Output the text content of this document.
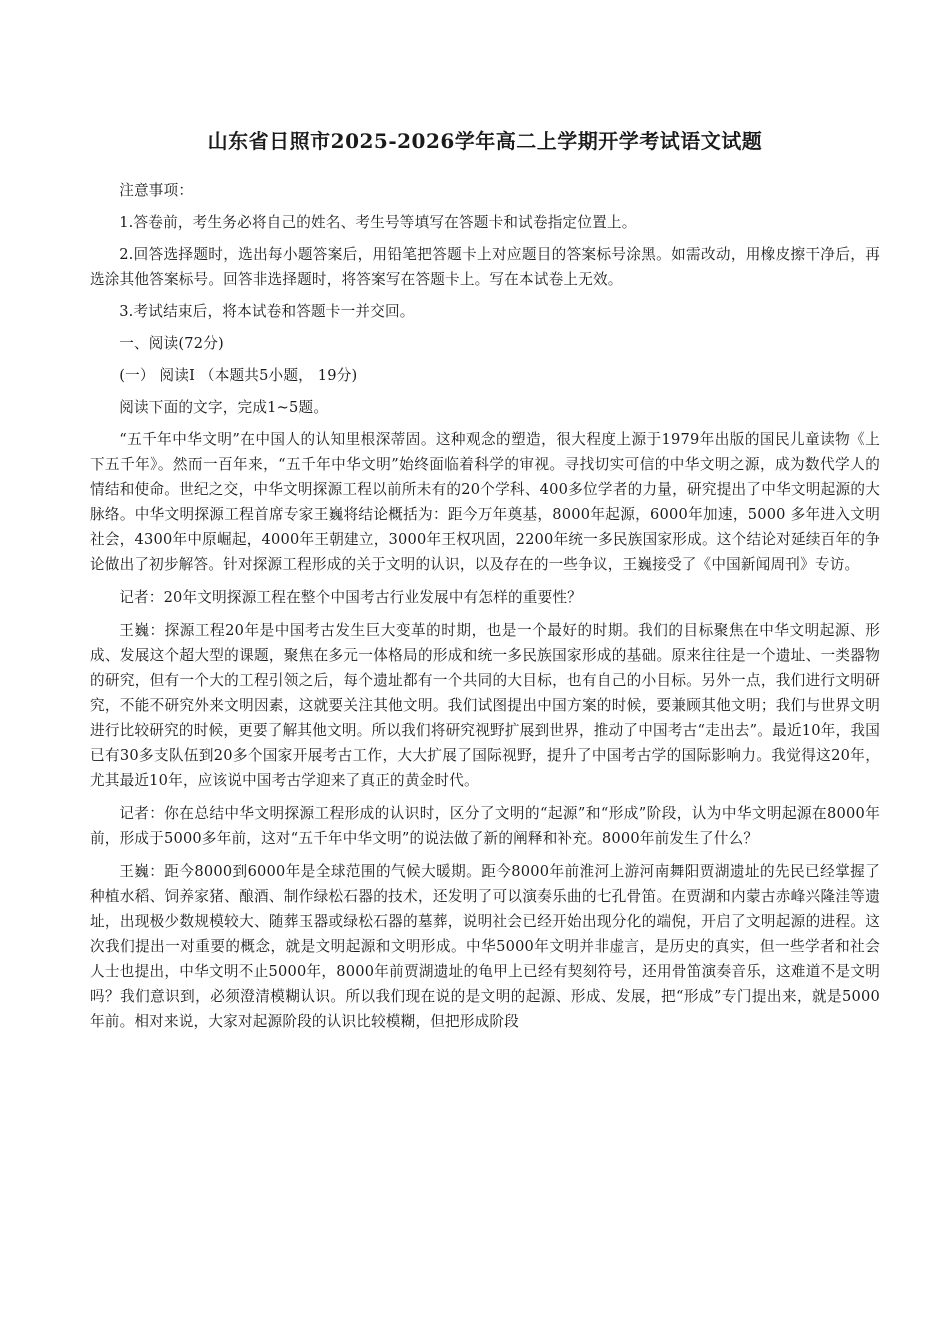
山东省日照市2025-2026学年高二上学期开学考试语文试题

注意事项：

1.答卷前，考生务必将自己的姓名、考生号等填写在答题卡和试卷指定位置上。

2.回答选择题时，选出每小题答案后，用铅笔把答题卡上对应题目的答案标号涂黑。如需改动，用橡皮擦干净后，再选涂其他答案标号。回答非选择题时，将答案写在答题卡上。写在本试卷上无效。

3.考试结束后，将本试卷和答题卡一并交回。

一、阅读(72分)

(一） 阅读Ⅰ （本题共5小题， 19分)

阅读下面的文字，完成1~5题。

“五千年中华文明”在中国人的认知里根深蒂固。这种观念的塑造，很大程度上源于1979年出版的国民儿童读物《上下五千年》。然而一百年来，“五千年中华文明”始终面临着科学的审视。寻找切实可信的中华文明之源，成为数代学人的情结和使命。世纪之交，中华文明探源工程以前所未有的20个学科、400多位学者的力量，研究提出了中华文明起源的大脉络。中华文明探源工程首席专家王巍将结论概括为：距今万年奠基，8000年起源，6000年加速，5000 多年进入文明社会，4300年中原崛起，4000年王朝建立，3000年王权巩固，2200年统一多民族国家形成。这个结论对延续百年的争论做出了初步解答。针对探源工程形成的关于文明的认识，以及存在的一些争议，王巍接受了《中国新闻周刊》专访。

记者：20年文明探源工程在整个中国考古行业发展中有怎样的重要性？

王巍：探源工程20年是中国考古发生巨大变革的时期，也是一个最好的时期。我们的目标聚焦在中华文明起源、形成、发展这个超大型的课题，聚焦在多元一体格局的形成和统一多民族国家形成的基础。原来往往是一个遗址、一类器物的研究，但有一个大的工程引领之后，每个遗址都有一个共同的大目标，也有自己的小目标。另外一点，我们进行文明研究，不能不研究外来文明因素，这就要关注其他文明。我们试图提出中国方案的时候，要兼顾其他文明；我们与世界文明进行比较研究的时候，更要了解其他文明。所以我们将研究视野扩展到世界，推动了中国考古“走出去”。最近10年，我国已有30多支队伍到20多个国家开展考古工作，大大扩展了国际视野，提升了中国考古学的国际影响力。我觉得这20年，尤其最近10年，应该说中国考古学迎来了真正的黄金时代。

记者：你在总结中华文明探源工程形成的认识时，区分了文明的“起源”和“形成”阶段，认为中华文明起源在8000年前，形成于5000多年前，这对“五千年中华文明”的说法做了新的阐释和补充。8000年前发生了什么？

王巍：距今8000到6000年是全球范围的气候大暖期。距今8000年前淮河上游河南舞阳贾湖遗址的先民已经掌握了种植水稻、饲养家猪、酿酒、制作绿松石器的技术，还发明了可以演奏乐曲的七孔骨笛。在贾湖和内蒙古赤峰兴隆洼等遗址，出现极少数规模较大、随葬玉器或绿松石器的墓葬，说明社会已经开始出现分化的端倪，开启了文明起源的进程。这次我们提出一对重要的概念，就是文明起源和文明形成。中华5000年文明并非虚言，是历史的真实，但一些学者和社会人士也提出，中华文明不止5000年，8000年前贾湖遗址的龟甲上已经有契刻符号，还用骨笛演奏音乐，这难道不是文明吗？我们意识到，必须澄清模糊认识。所以我们现在说的是文明的起源、形成、发展，把“形成”专门提出来，就是5000年前。相对来说，大家对起源阶段的认识比较模糊，但把形成阶段
